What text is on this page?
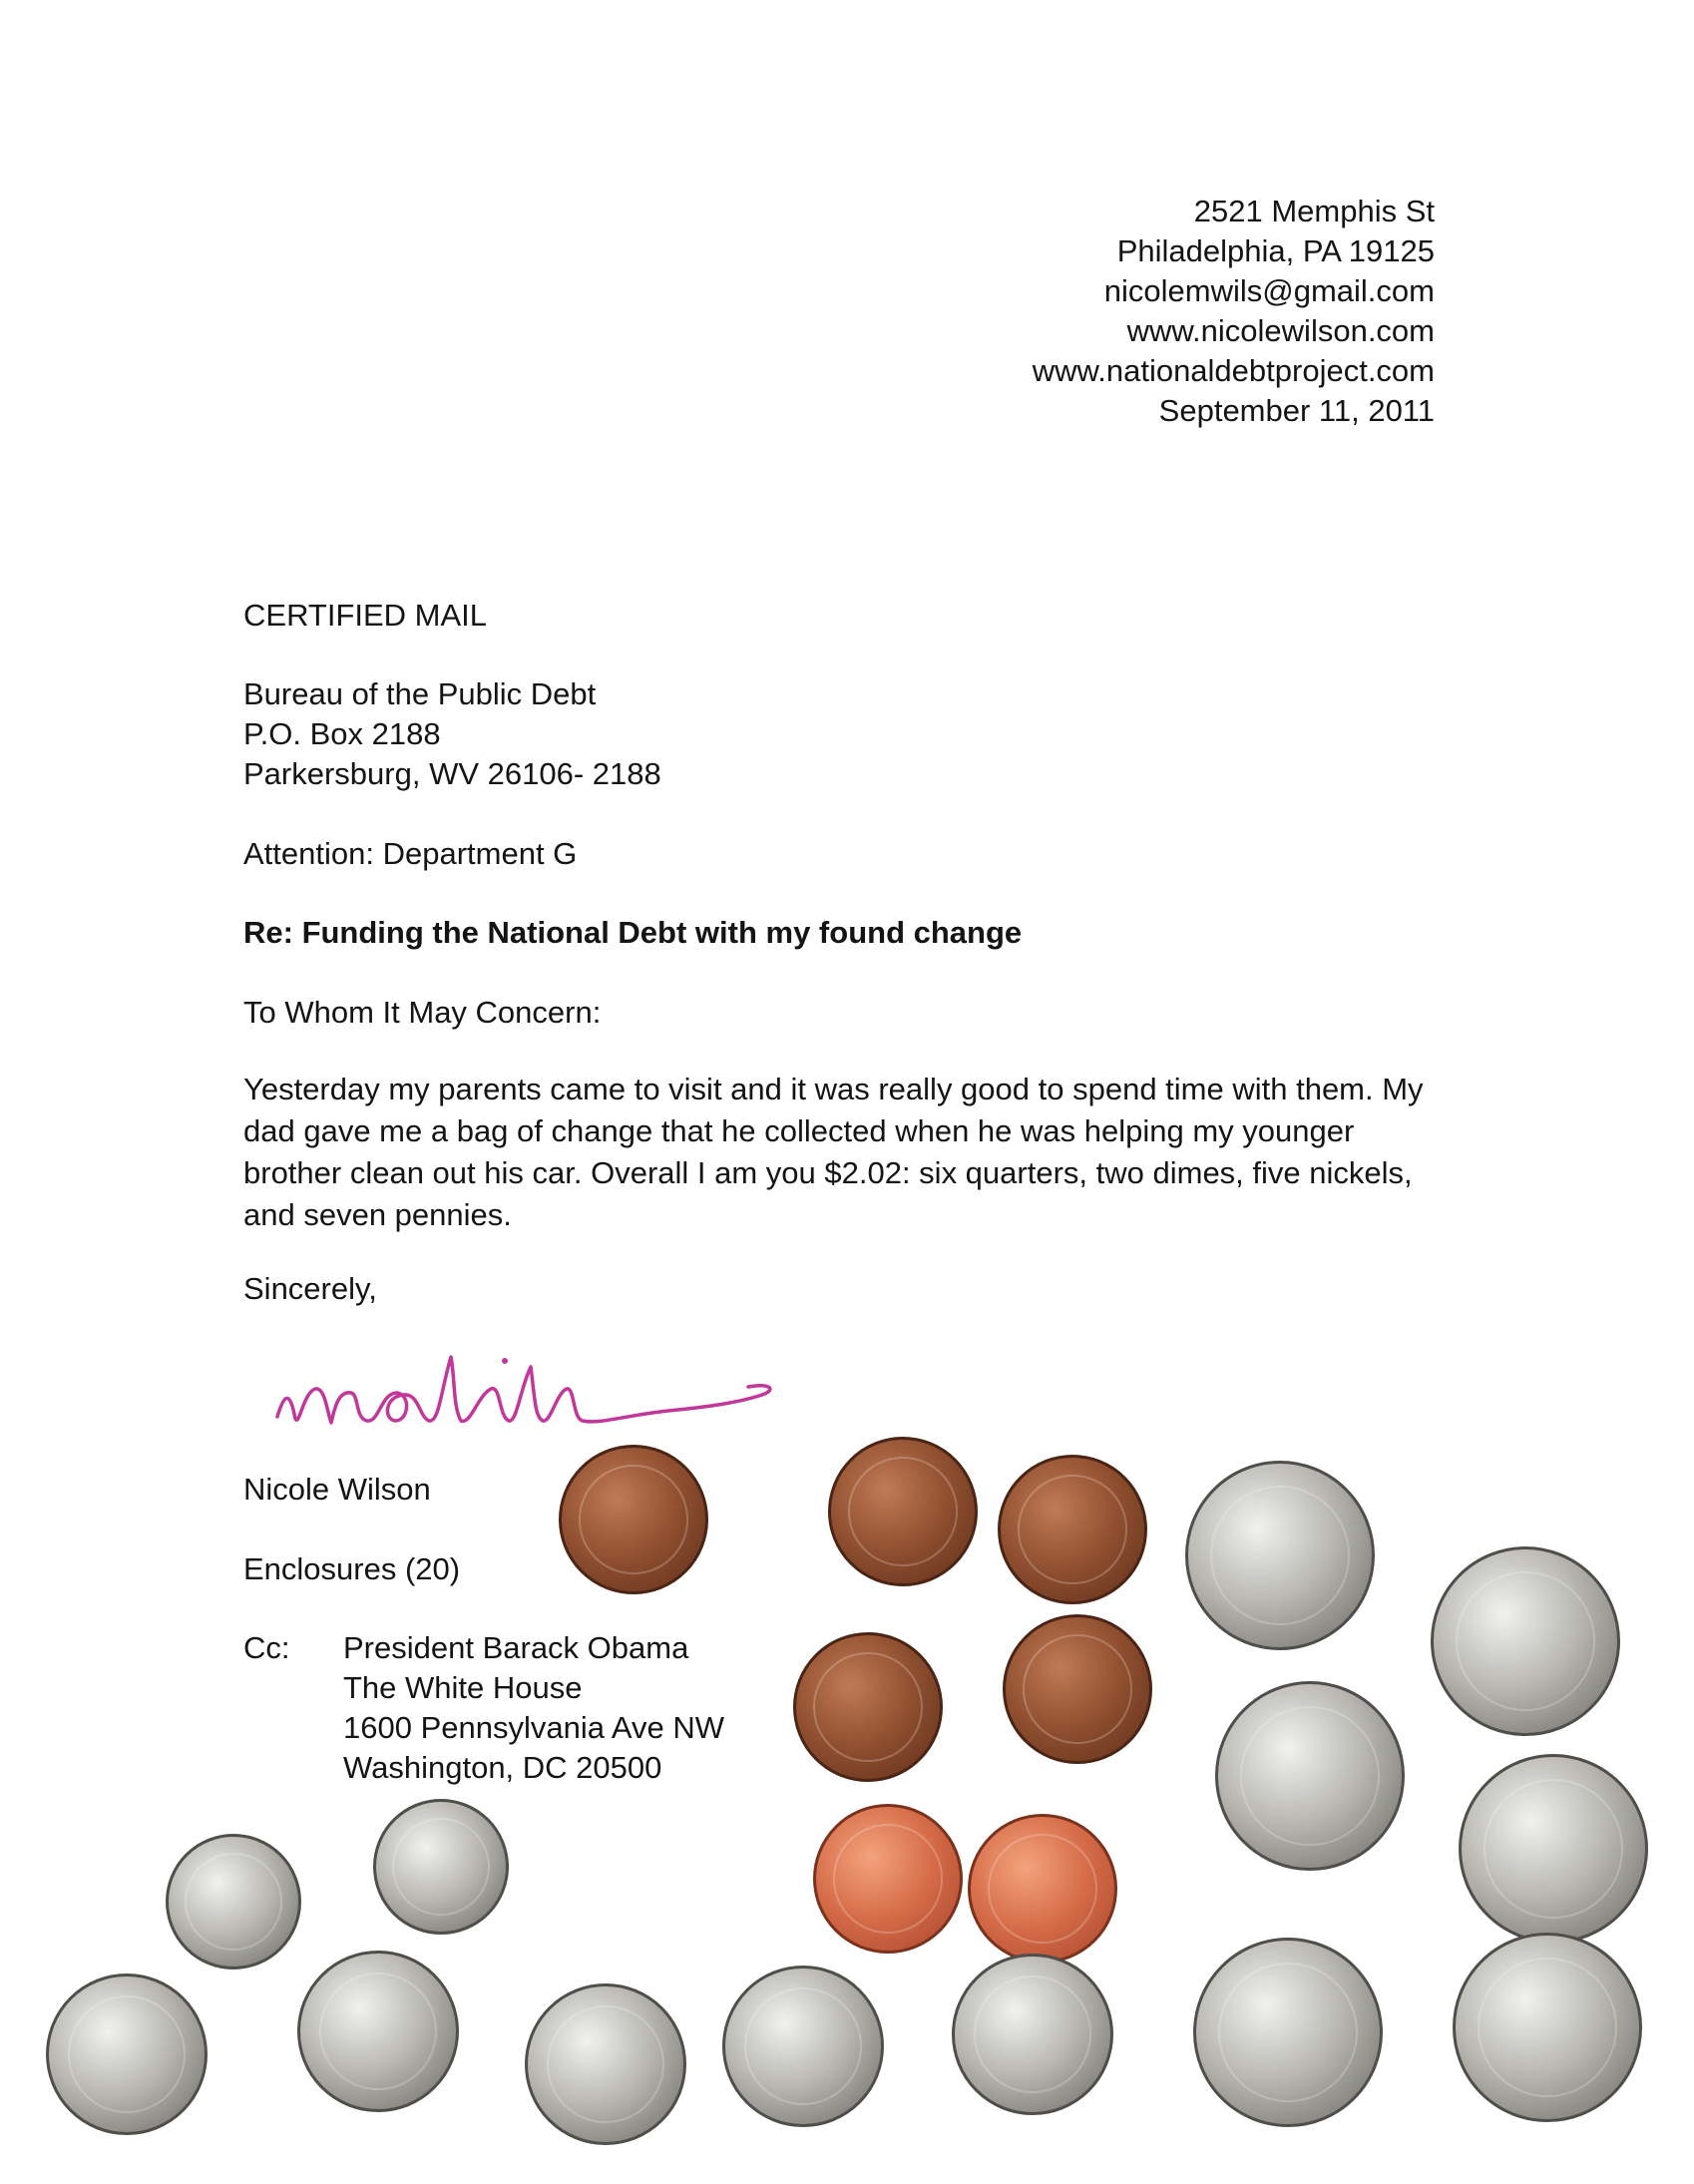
2521 Memphis St
Philadelphia, PA 19125
nicolemwils@gmail.com
www.nicolewilson.com
www.nationaldebtproject.com
September 11, 2011
CERTIFIED MAIL
Bureau of the Public Debt
P.O. Box 2188
Parkersburg, WV 26106- 2188
Attention: Department G
Re: Funding the National Debt with my found change
To Whom It May Concern:
Yesterday my parents came to visit and it was really good to spend time with them. My dad gave me a bag of change that he collected when he was helping my younger brother clean out his car. Overall I am you $2.02: six quarters, two dimes, five nickels, and seven pennies.
Sincerely,
Nicole Wilson
Enclosures (20)
Cc:	President Barack Obama
The White House
1600 Pennsylvania Ave NW
Washington, DC 20500
